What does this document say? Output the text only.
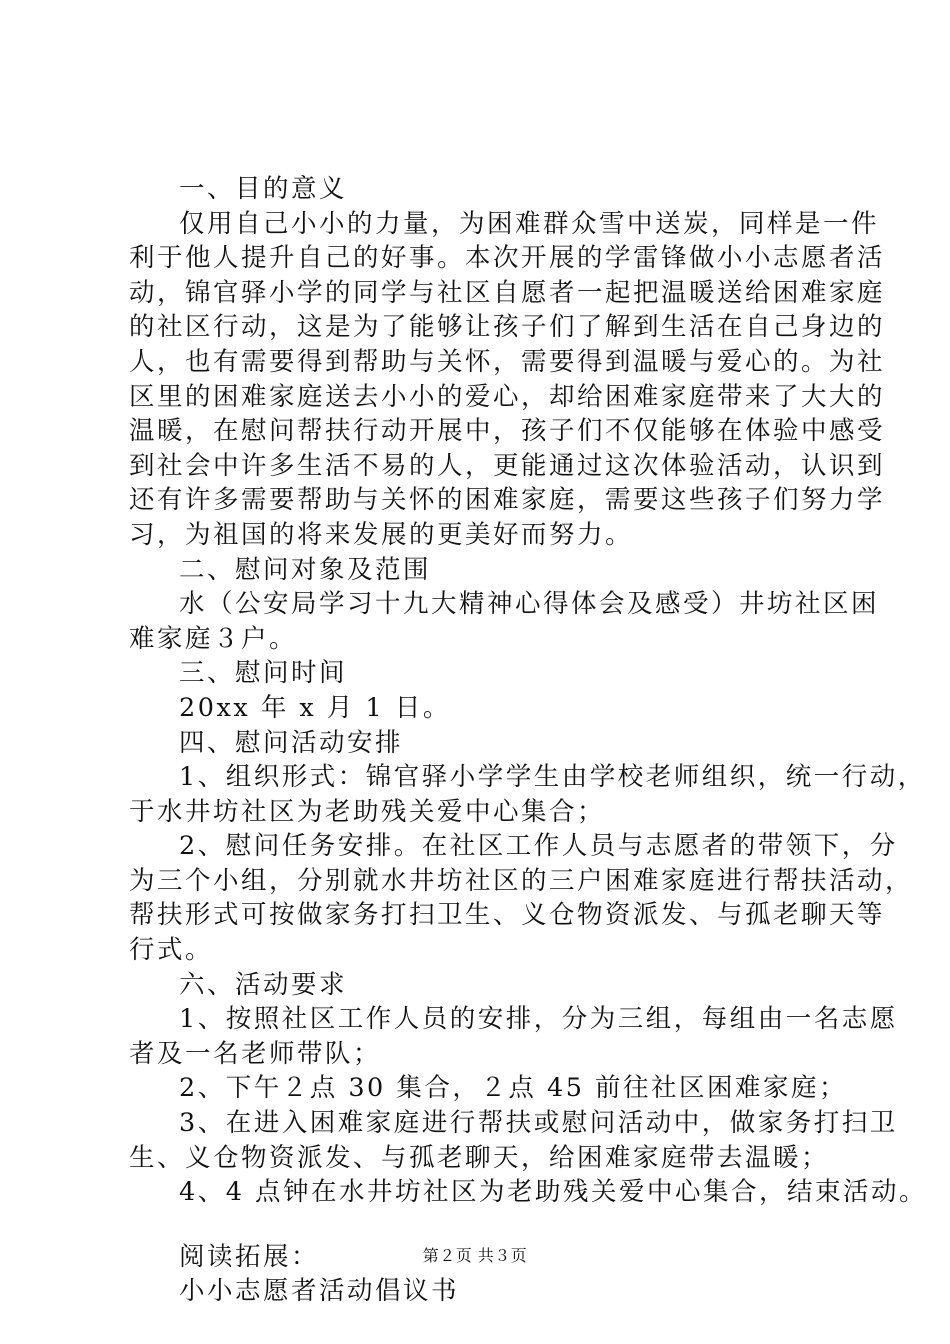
一、目的意义
仅用自己小小的力量，为困难群众雪中送炭，同样是一件
利于他人提升自己的好事。本次开展的学雷锋做小小志愿者活
动，锦官驿小学的同学与社区自愿者一起把温暖送给困难家庭
的社区行动，这是为了能够让孩子们了解到生活在自己身边的
人，也有需要得到帮助与关怀，需要得到温暖与爱心的。为社
区里的困难家庭送去小小的爱心，却给困难家庭带来了大大的
温暖，在慰问帮扶行动开展中，孩子们不仅能够在体验中感受
到社会中许多生活不易的人，更能通过这次体验活动，认识到
还有许多需要帮助与关怀的困难家庭，需要这些孩子们努力学
习，为祖国的将来发展的更美好而努力。
二、慰问对象及范围
水（公安局学习十九大精神心得体会及感受）井坊社区困
难家庭３户。
三、慰问时间
20xx 年 x 月 1 日。
四、慰问活动安排
1、组织形式：锦官驿小学学生由学校老师组织，统一行动，
于水井坊社区为老助残关爱中心集合；
2、慰问任务安排。在社区工作人员与志愿者的带领下，分
为三个小组，分别就水井坊社区的三户困难家庭进行帮扶活动，
帮扶形式可按做家务打扫卫生、义仓物资派发、与孤老聊天等
行式。
六、活动要求
1、按照社区工作人员的安排，分为三组，每组由一名志愿
者及一名老师带队；
2、下午２点 30 集合，２点 45 前往社区困难家庭；
3、在进入困难家庭进行帮扶或慰问活动中，做家务打扫卫
生、义仓物资派发、与孤老聊天，给困难家庭带去温暖；
4、4 点钟在水井坊社区为老助残关爱中心集合，结束活动。
阅读拓展：
小小志愿者活动倡议书
第２页 共３页
